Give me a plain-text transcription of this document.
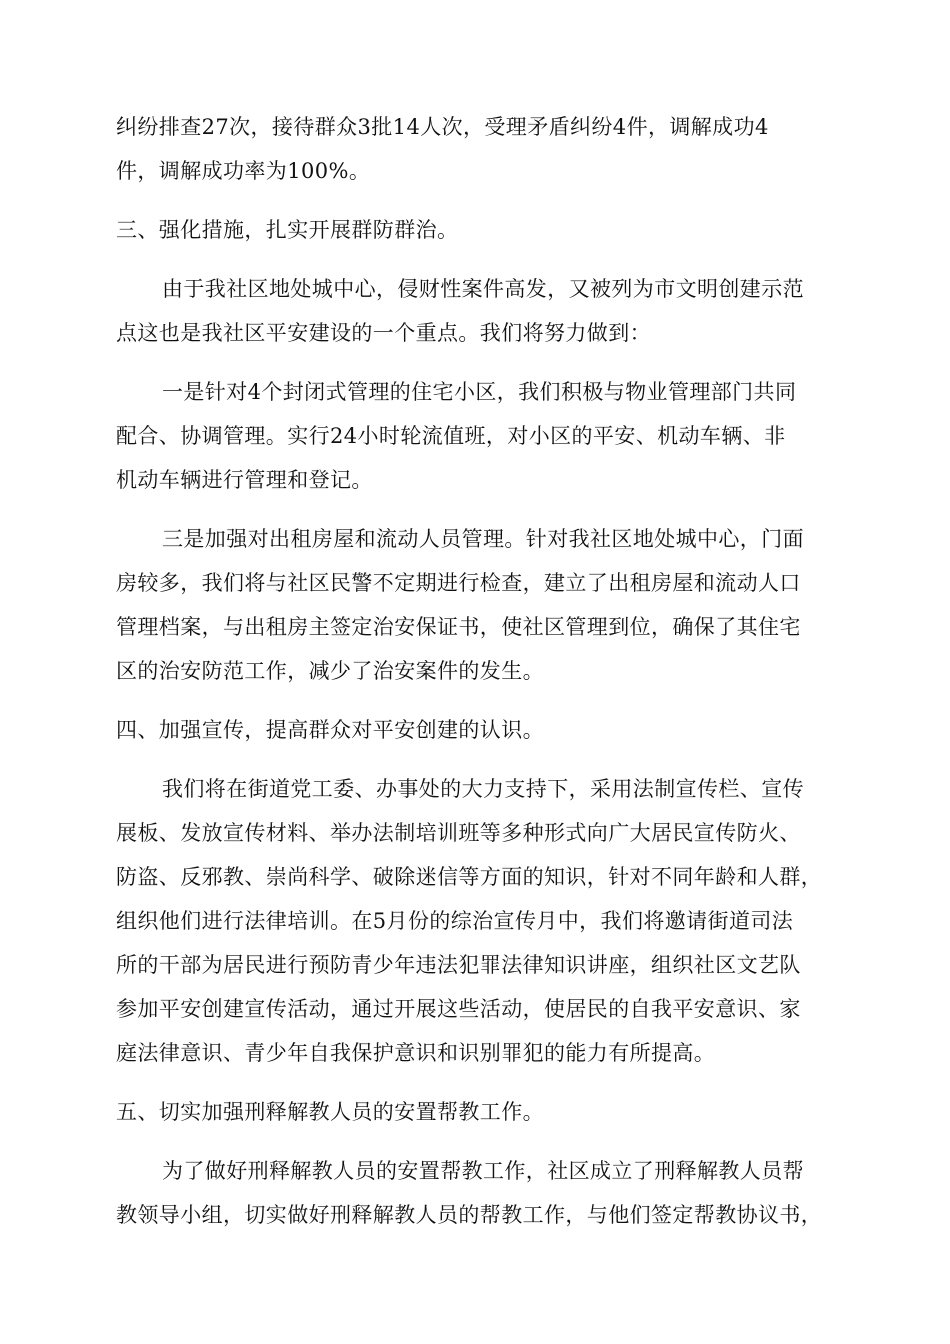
纠纷排查27次，接待群众3批14人次，受理矛盾纠纷4件，调解成功4

件，调解成功率为100%。

三、强化措施，扎实开展群防群治。

由于我社区地处城中心，侵财性案件高发，又被列为市文明创建示范

点这也是我社区平安建设的一个重点。我们将努力做到：

一是针对4个封闭式管理的住宅小区，我们积极与物业管理部门共同

配合、协调管理。实行24小时轮流值班，对小区的平安、机动车辆、非

机动车辆进行管理和登记。

三是加强对出租房屋和流动人员管理。针对我社区地处城中心，门面

房较多，我们将与社区民警不定期进行检查，建立了出租房屋和流动人口

管理档案，与出租房主签定治安保证书，使社区管理到位，确保了其住宅

区的治安防范工作，减少了治安案件的发生。

四、加强宣传，提高群众对平安创建的认识。

我们将在街道党工委、办事处的大力支持下，采用法制宣传栏、宣传

展板、发放宣传材料、举办法制培训班等多种形式向广大居民宣传防火、

防盗、反邪教、崇尚科学、破除迷信等方面的知识，针对不同年龄和人群，

组织他们进行法律培训。在5月份的综治宣传月中，我们将邀请街道司法

所的干部为居民进行预防青少年违法犯罪法律知识讲座，组织社区文艺队

参加平安创建宣传活动，通过开展这些活动，使居民的自我平安意识、家

庭法律意识、青少年自我保护意识和识别罪犯的能力有所提高。

五、切实加强刑释解教人员的安置帮教工作。

为了做好刑释解教人员的安置帮教工作，社区成立了刑释解教人员帮

教领导小组，切实做好刑释解教人员的帮教工作，与他们签定帮教协议书，
